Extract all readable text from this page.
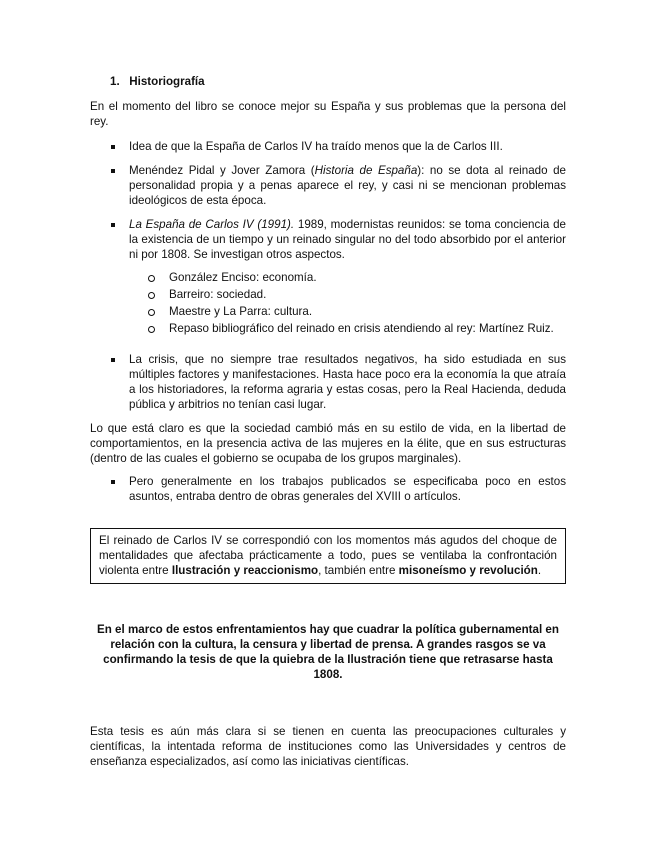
1. Historiografía

En el momento del libro se conoce mejor su España y sus problemas que la persona del rey.

Idea de que la España de Carlos IV ha traído menos que la de Carlos III.
Menéndez Pidal y Jover Zamora (Historia de España): no se dota al reinado de personalidad propia y a penas aparece el rey, y casi ni se mencionan problemas ideológicos de esta época.
La España de Carlos IV (1991). 1989, modernistas reunidos: se toma conciencia de la existencia de un tiempo y un reinado singular no del todo absorbido por el anterior ni por 1808. Se investigan otros aspectos.
González Enciso: economía.
Barreiro: sociedad.
Maestre y La Parra: cultura.
Repaso bibliográfico del reinado en crisis atendiendo al rey: Martínez Ruiz.
La crisis, que no siempre trae resultados negativos, ha sido estudiada en sus múltiples factores y manifestaciones. Hasta hace poco era la economía la que atraía a los historiadores, la reforma agraria y estas cosas, pero la Real Hacienda, deduda pública y arbitrios no tenían casi lugar.

Lo que está claro es que la sociedad cambió más en su estilo de vida, en la libertad de comportamientos, en la presencia activa de las mujeres en la élite, que en sus estructuras (dentro de las cuales el gobierno se ocupaba de los grupos marginales).

Pero generalmente en los trabajos publicados se especificaba poco en estos asuntos, entraba dentro de obras generales del XVIII o artículos.
El reinado de Carlos IV se correspondió con los momentos más agudos del choque de mentalidades que afectaba prácticamente a todo, pues se ventilaba la confrontación violenta entre Ilustración y reaccionismo, también entre misoneísmo y revolución.

En el marco de estos enfrentamientos hay que cuadrar la política gubernamental en relación con la cultura, la censura y libertad de prensa. A grandes rasgos se va confirmando la tesis de que la quiebra de la Ilustración tiene que retrasarse hasta 1808.

Esta tesis es aún más clara si se tienen en cuenta las preocupaciones culturales y científicas, la intentada reforma de instituciones como las Universidades y centros de enseñanza especializados, así como las iniciativas científicas.
